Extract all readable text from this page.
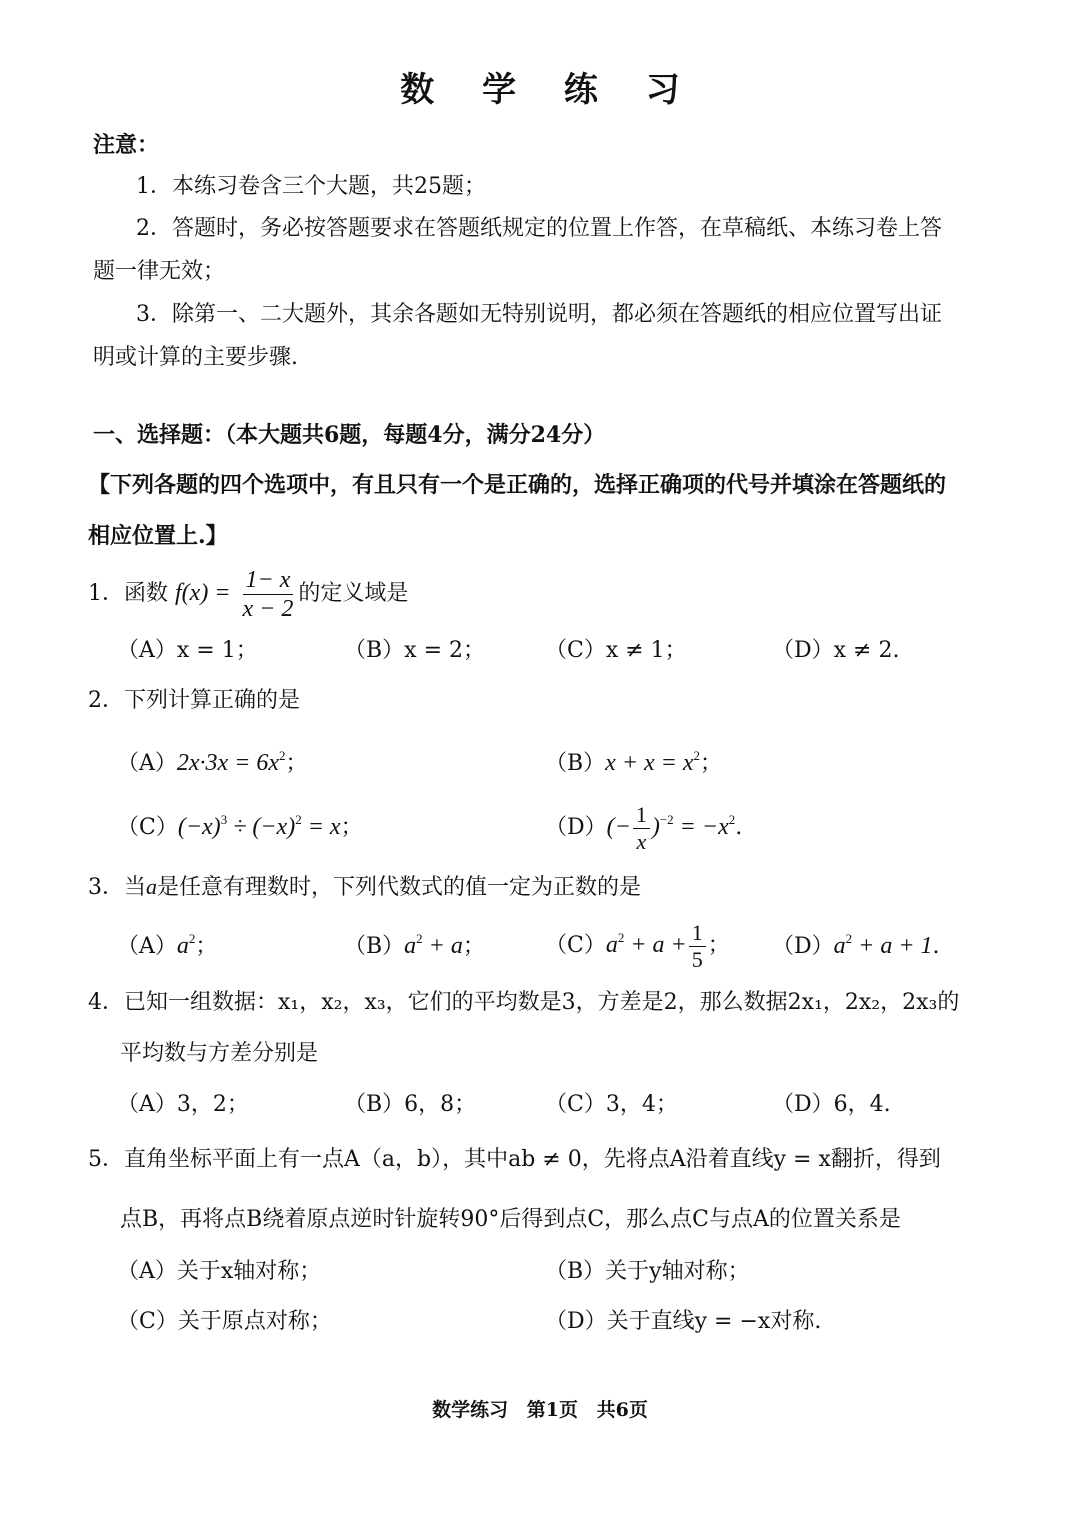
数 学 练 习
注意：
1．本练习卷含三个大题，共25题；
2．答题时，务必按答题要求在答题纸规定的位置上作答，在草稿纸、本练习卷上答
题一律无效；
3．除第一、二大题外，其余各题如无特别说明，都必须在答题纸的相应位置写出证
明或计算的主要步骤.
一、选择题：（本大题共6题，每题4分，满分24分）
【下列各题的四个选项中，有且只有一个是正确的，选择正确项的代号并填涂在答题纸的
相应位置上.】
1．函数 $f(x) = \frac{1- x}{x - 2}$ 的定义域是
（A）x = 1；	（B）x = 2；	（C）x ≠ 1；	（D）x ≠ 2.
2．下列计算正确的是
$(A)2x\cdot 3x = 6x^2$；	$(B)x + x = x^2$；
$(C)(-x)^3 \div (-x)^2 = x$；	$(D)(- \frac{1}{x} )^{-2} = -x^2$.
3．当a是任意有理数时，下列代数式的值一定为正数的是
$(A)a^2$；	$(B)a^2 + a$；	$(C)a^2 + a + \frac{1}{5}$ ； $(D)a^2 + a + 1$.
4．已知一组数据：x₁，x₂，x₃，它们的平均数是3，方差是2，那么数据2x₁，2x₂，2x₃的
平均数与方差分别是
（A）3，2；	（B）6，8；	（C）3，4；	（D）6，4.
5．直角坐标平面上有一点A（a，b），其中ab ≠ 0，先将点A沿着直线y = x翻折，得到
点B，再将点B绕着原点逆时针旋转90°后得到点C，那么点C与点A的位置关系是
（A）关于x轴对称；	（B）关于y轴对称；
（C）关于原点对称；	（D）关于直线y = −x对称.
数学练习 第1页 共6页
